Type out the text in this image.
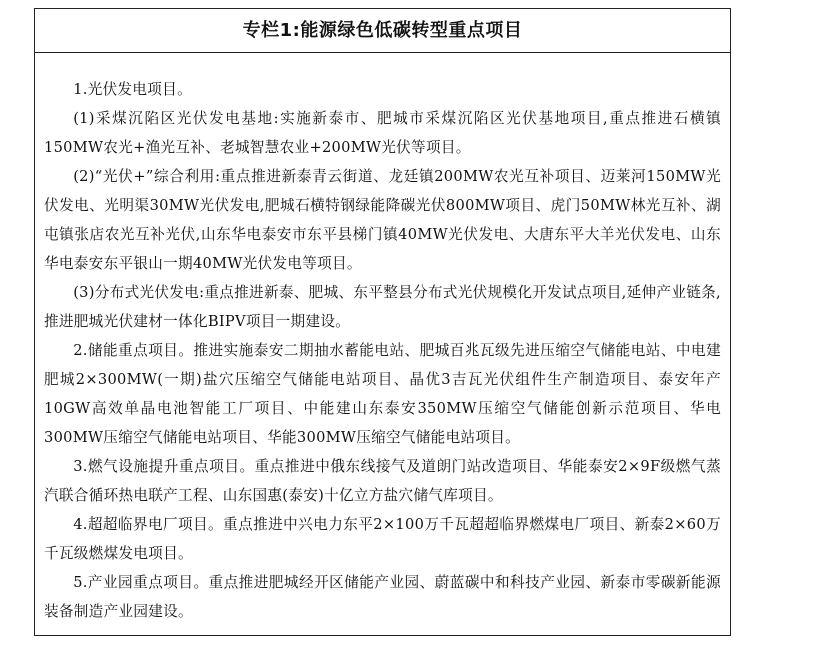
专栏1:能源绿色低碳转型重点项目

1.光伏发电项目。

(1)采煤沉陷区光伏发电基地:实施新泰市、肥城市采煤沉陷区光伏基地项目,重点推进石横镇150MW农光+渔光互补、老城智慧农业+200MW光伏等项目。

(2)“光伏+”综合利用:重点推进新泰青云街道、龙廷镇200MW农光互补项目、迈莱河150MW光伏发电、光明渠30MW光伏发电,肥城石横特钢绿能降碳光伏800MW项目、虎门50MW林光互补、湖屯镇张店农光互补光伏,山东华电泰安市东平县梯门镇40MW光伏发电、大唐东平大羊光伏发电、山东华电泰安东平银山一期40MW光伏发电等项目。

(3)分布式光伏发电:重点推进新泰、肥城、东平整县分布式光伏规模化开发试点项目,延伸产业链条,推进肥城光伏建材一体化BIPV项目一期建设。

2.储能重点项目。推进实施泰安二期抽水蓄能电站、肥城百兆瓦级先进压缩空气储能电站、中电建肥城2×300MW(一期)盐穴压缩空气储能电站项目、晶优3吉瓦光伏组件生产制造项目、泰安年产10GW高效单晶电池智能工厂项目、中能建山东泰安350MW压缩空气储能创新示范项目、华电300MW压缩空气储能电站项目、华能300MW压缩空气储能电站项目。

3.燃气设施提升重点项目。重点推进中俄东线接气及道朗门站改造项目、华能泰安2×9F级燃气蒸汽联合循环热电联产工程、山东国惠(泰安)十亿立方盐穴储气库项目。

4.超超临界电厂项目。重点推进中兴电力东平2×100万千瓦超超临界燃煤电厂项目、新泰2×60万千瓦级燃煤发电项目。

5.产业园重点项目。重点推进肥城经开区储能产业园、蔚蓝碳中和科技产业园、新泰市零碳新能源装备制造产业园建设。
